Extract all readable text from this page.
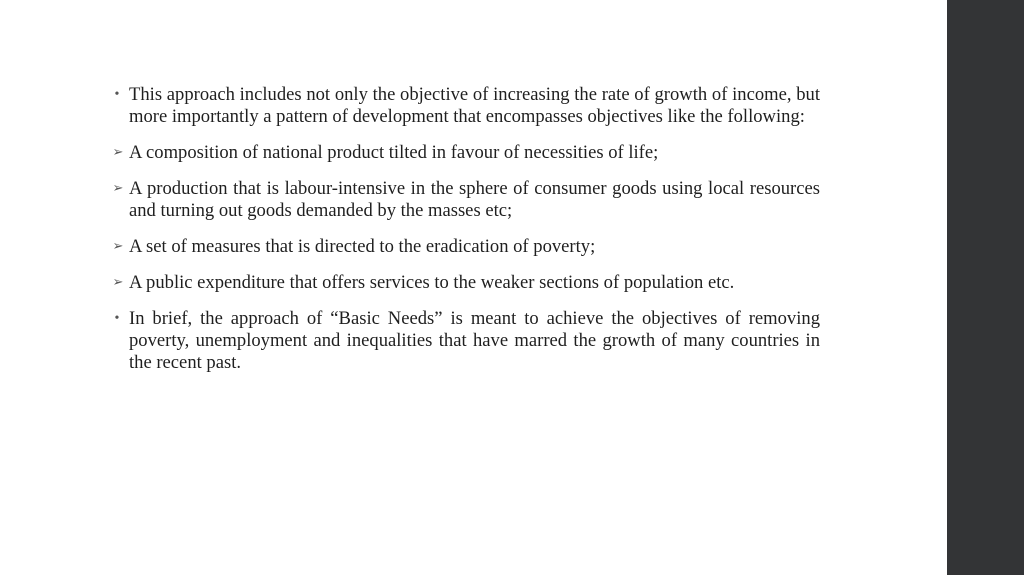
• This approach includes not only the objective of increasing the rate of growth of income, but more importantly a pattern of development that encompasses objectives like the following:
➢ A composition of national product tilted in favour of necessities of life;
➢ A production that is labour-intensive in the sphere of consumer goods using local resources and turning out goods demanded by the masses etc;
➢ A set of measures that is directed to the eradication of poverty;
➢ A public expenditure that offers services to the weaker sections of population etc.
• In brief, the approach of “Basic Needs” is meant to achieve the objectives of removing poverty, unemployment and inequalities that have marred the growth of many countries in the recent past.
